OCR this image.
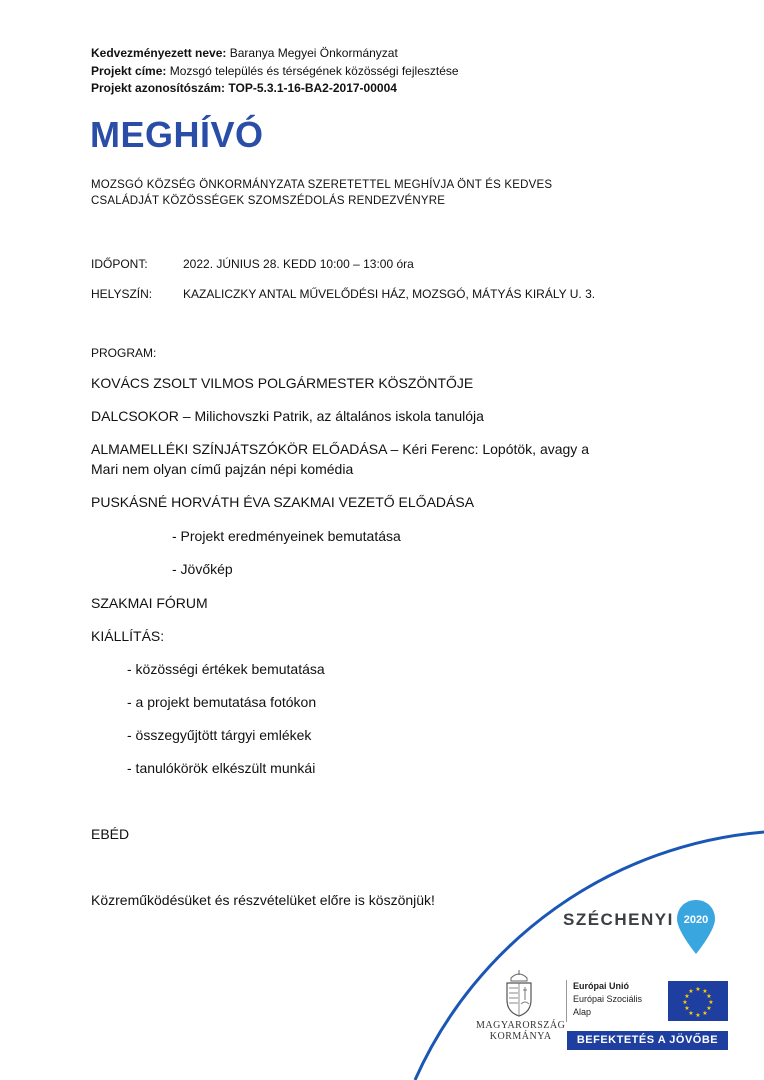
Kedvezményezett neve: Baranya Megyei Önkormányzat
Projekt címe: Mozsgó település és térségének közösségi fejlesztése
Projekt azonosítószám: TOP-5.3.1-16-BA2-2017-00004
MEGHÍVÓ
MOZSGÓ KÖZSÉG ÖNKORMÁNYZATA SZERETETTEL MEGHÍVJA ÖNT ÉS KEDVES
CSALÁDJÁT KÖZÖSSÉGEK SZOMSZÉDOLÁS RENDEZVÉNYRE
IDŐPONT:	2022. JÚNIUS 28. KEDD 10:00 – 13:00 óra
HELYSZÍN:	KAZALICZKY ANTAL MŰVELŐDÉSI HÁZ, MOZSGÓ, MÁTYÁS KIRÁLY U. 3.
PROGRAM:
KOVÁCS ZSOLT VILMOS POLGÁRMESTER KÖSZÖNTŐJE
DALCSOKOR – Milichovszki Patrik, az általános iskola tanulója
ALMAMELLÉKI SZÍNJÁTSZÓKÖR ELŐADÁSA – Kéri Ferenc: Lopótök, avagy a
Mari nem olyan című pajzán népi komédia
PUSKÁSNÉ HORVÁTH ÉVA SZAKMAI VEZETŐ ELŐADÁSA
- Projekt eredményeinek bemutatása
- Jövőkép
SZAKMAI FÓRUM
KIÁLLÍTÁS:
- közösségi értékek bemutatása
- a projekt bemutatása fotókon
- összegyűjtött tárgyi emlékek
- tanulókörök elkészült munkái
EBÉD
Közreműködésüket és részvételüket előre is köszönjük!
SZÉCHENYI 2020
MAGYARORSZÁG
KORMÁNYA
Európai Unió
Európai Szociális
Alap
★ ★
★
★
★
★
★
★
★
★
★
★
BEFEKTETÉS A JÖVŐBE
